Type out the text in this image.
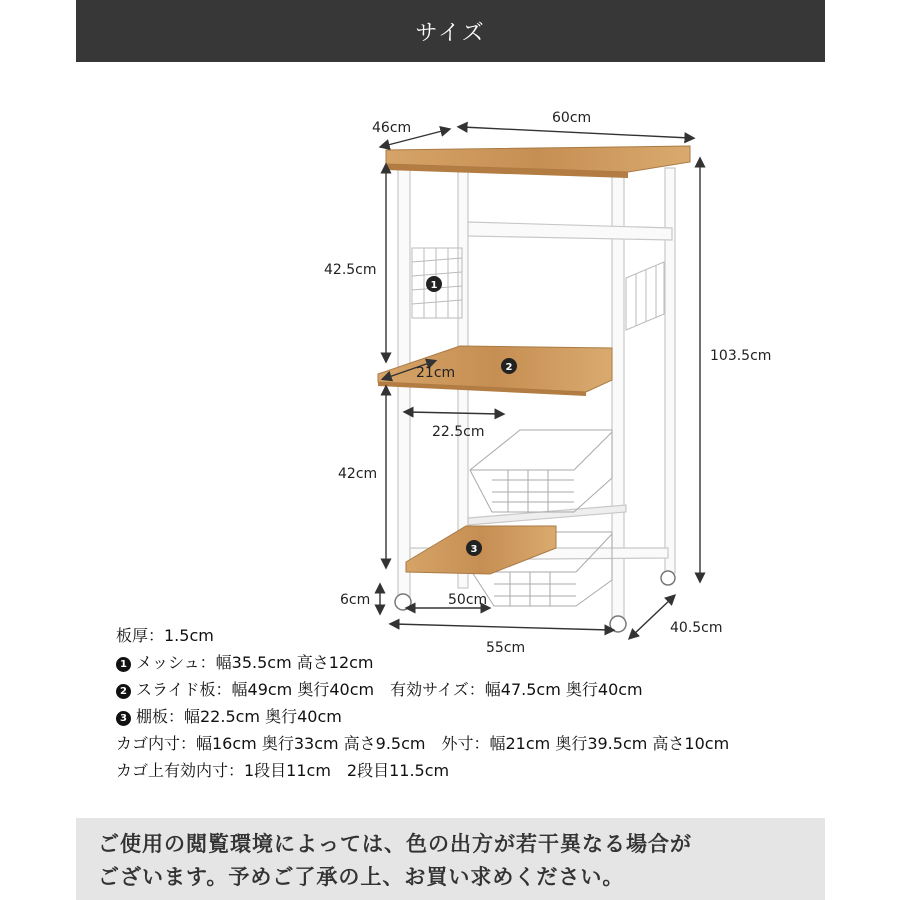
サイズ
1
2
3
46cm
60cm
42.5cm
103.5cm
21cm
22.5cm
42cm
6cm	50cm
55cm
40.5cm
板厚：1.5cm
1 メッシュ：幅35.5cm 高さ12cm
2 スライド板：幅49cm 奥行40cm　有効サイズ：幅47.5cm 奥行40cm
3 棚板：幅22.5cm 奥行40cm
カゴ内寸：幅16cm 奥行33cm 高さ9.5cm　外寸：幅21cm 奥行39.5cm 高さ10cm
カゴ上有効内寸：1段目11cm　2段目11.5cm
ご使用の閲覧環境によっては、色の出方が若干異なる場合が
ございます。予めご了承の上、お買い求めください。
